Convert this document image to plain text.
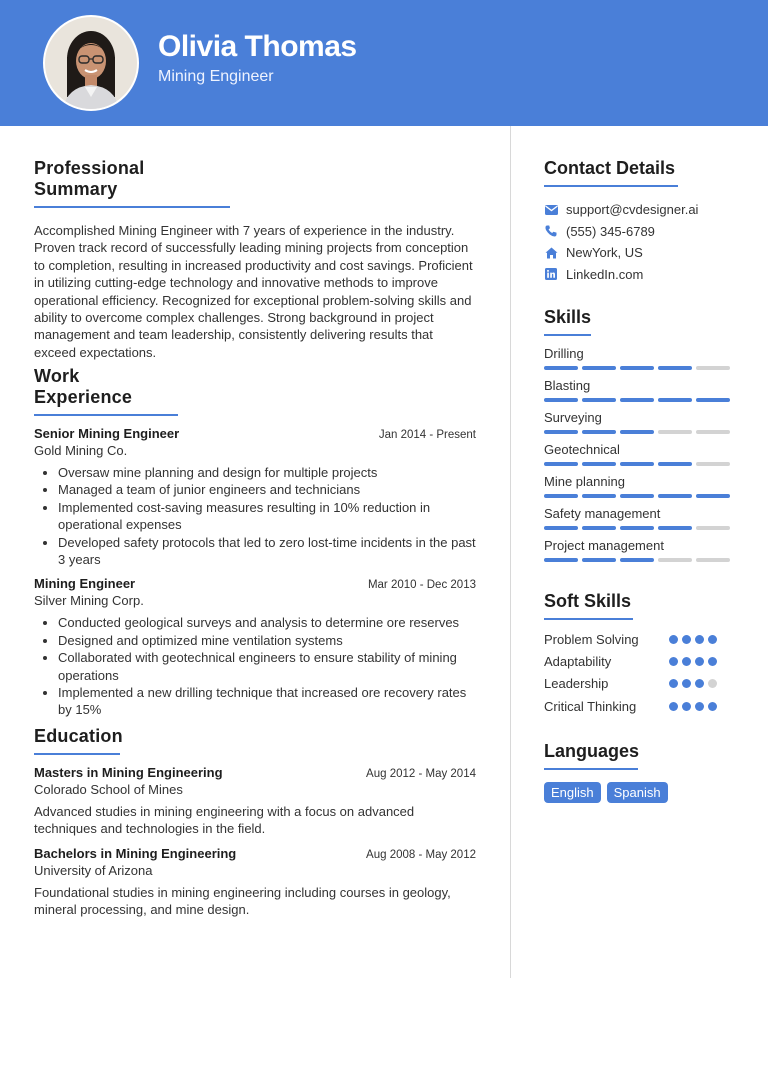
Olivia Thomas
Mining Engineer
Professional Summary
Accomplished Mining Engineer with 7 years of experience in the industry. Proven track record of successfully leading mining projects from conception to completion, resulting in increased productivity and cost savings. Proficient in utilizing cutting-edge technology and innovative methods to improve operational efficiency. Recognized for exceptional problem-solving skills and ability to overcome complex challenges. Strong background in project management and team leadership, consistently delivering results that exceed expectations.
Work Experience
Senior Mining Engineer	Jan 2014 - Present
Gold Mining Co.
• Oversaw mine planning and design for multiple projects
• Managed a team of junior engineers and technicians
• Implemented cost-saving measures resulting in 10% reduction in operational expenses
• Developed safety protocols that led to zero lost-time incidents in the past 3 years
Mining Engineer	Mar 2010 - Dec 2013
Silver Mining Corp.
• Conducted geological surveys and analysis to determine ore reserves
• Designed and optimized mine ventilation systems
• Collaborated with geotechnical engineers to ensure stability of mining operations
• Implemented a new drilling technique that increased ore recovery rates by 15%
Education
Masters in Mining Engineering	Aug 2012 - May 2014
Colorado School of Mines
Advanced studies in mining engineering with a focus on advanced techniques and technologies in the field.
Bachelors in Mining Engineering	Aug 2008 - May 2012
University of Arizona
Foundational studies in mining engineering including courses in geology, mineral processing, and mine design.
Contact Details
support@cvdesigner.ai
(555) 345-6789
NewYork, US
LinkedIn.com
Skills
Drilling
Blasting
Surveying
Geotechnical
Mine planning
Safety management
Project management
Soft Skills
Problem Solving
Adaptability
Leadership
Critical Thinking
Languages
English	Spanish
